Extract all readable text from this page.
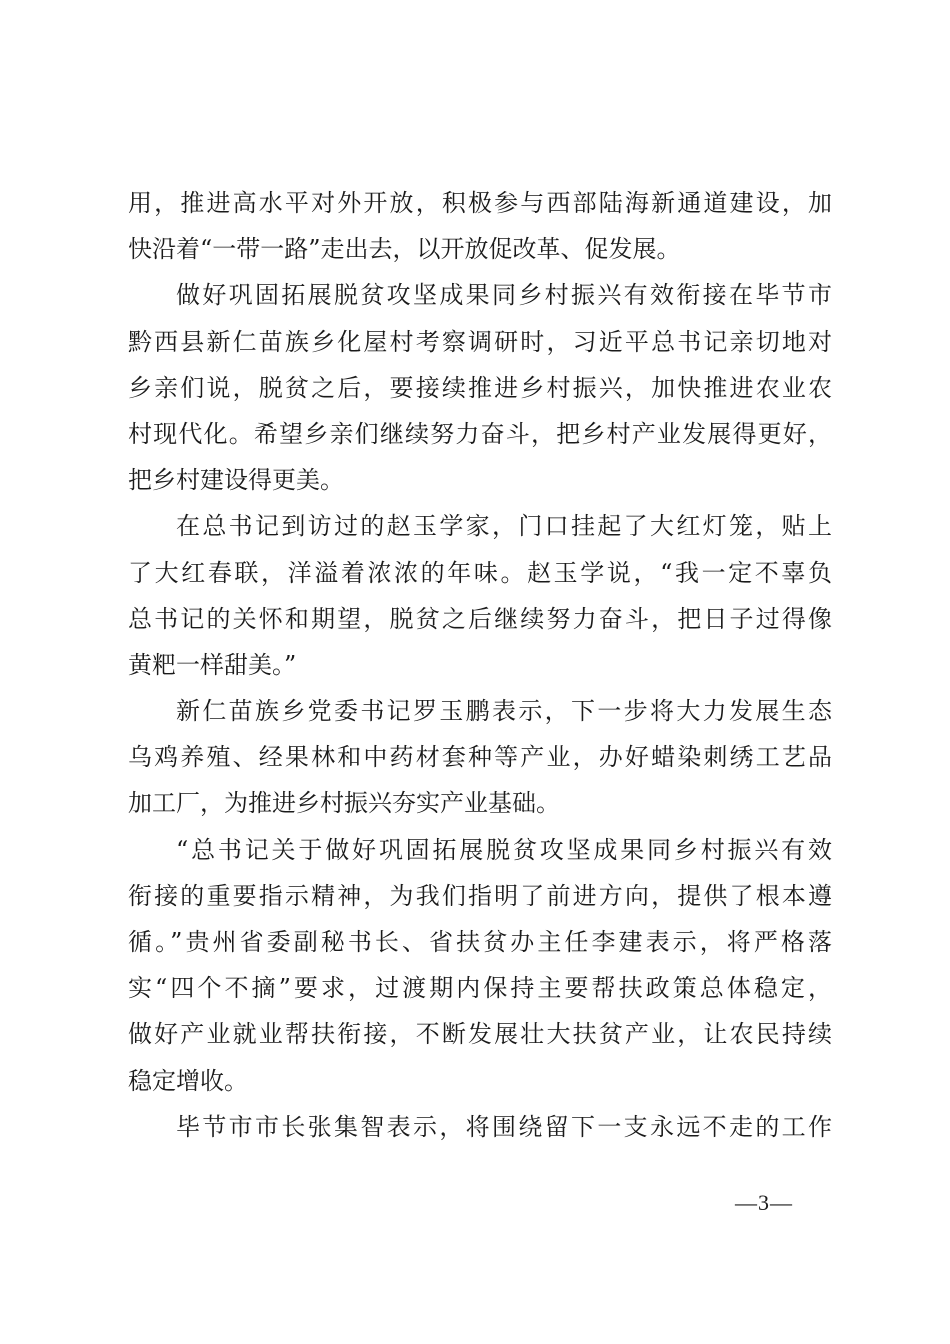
用，推进高水平对外开放，积极参与西部陆海新通道建设，加
快沿着“一带一路”走出去，以开放促改革、促发展。
做好巩固拓展脱贫攻坚成果同乡村振兴有效衔接在毕节市
黔西县新仁苗族乡化屋村考察调研时，习近平总书记亲切地对
乡亲们说，脱贫之后，要接续推进乡村振兴，加快推进农业农
村现代化。希望乡亲们继续努力奋斗，把乡村产业发展得更好，
把乡村建设得更美。
在总书记到访过的赵玉学家，门口挂起了大红灯笼，贴上
了大红春联，洋溢着浓浓的年味。赵玉学说，“我一定不辜负
总书记的关怀和期望，脱贫之后继续努力奋斗，把日子过得像
黄粑一样甜美。”
新仁苗族乡党委书记罗玉鹏表示，下一步将大力发展生态
乌鸡养殖、经果林和中药材套种等产业，办好蜡染刺绣工艺品
加工厂，为推进乡村振兴夯实产业基础。
“总书记关于做好巩固拓展脱贫攻坚成果同乡村振兴有效
衔接的重要指示精神，为我们指明了前进方向，提供了根本遵
循。”贵州省委副秘书长、省扶贫办主任李建表示，将严格落
实“四个不摘”要求，过渡期内保持主要帮扶政策总体稳定，
做好产业就业帮扶衔接，不断发展壮大扶贫产业，让农民持续
稳定增收。
毕节市市长张集智表示，将围绕留下一支永远不走的工作
—3—
